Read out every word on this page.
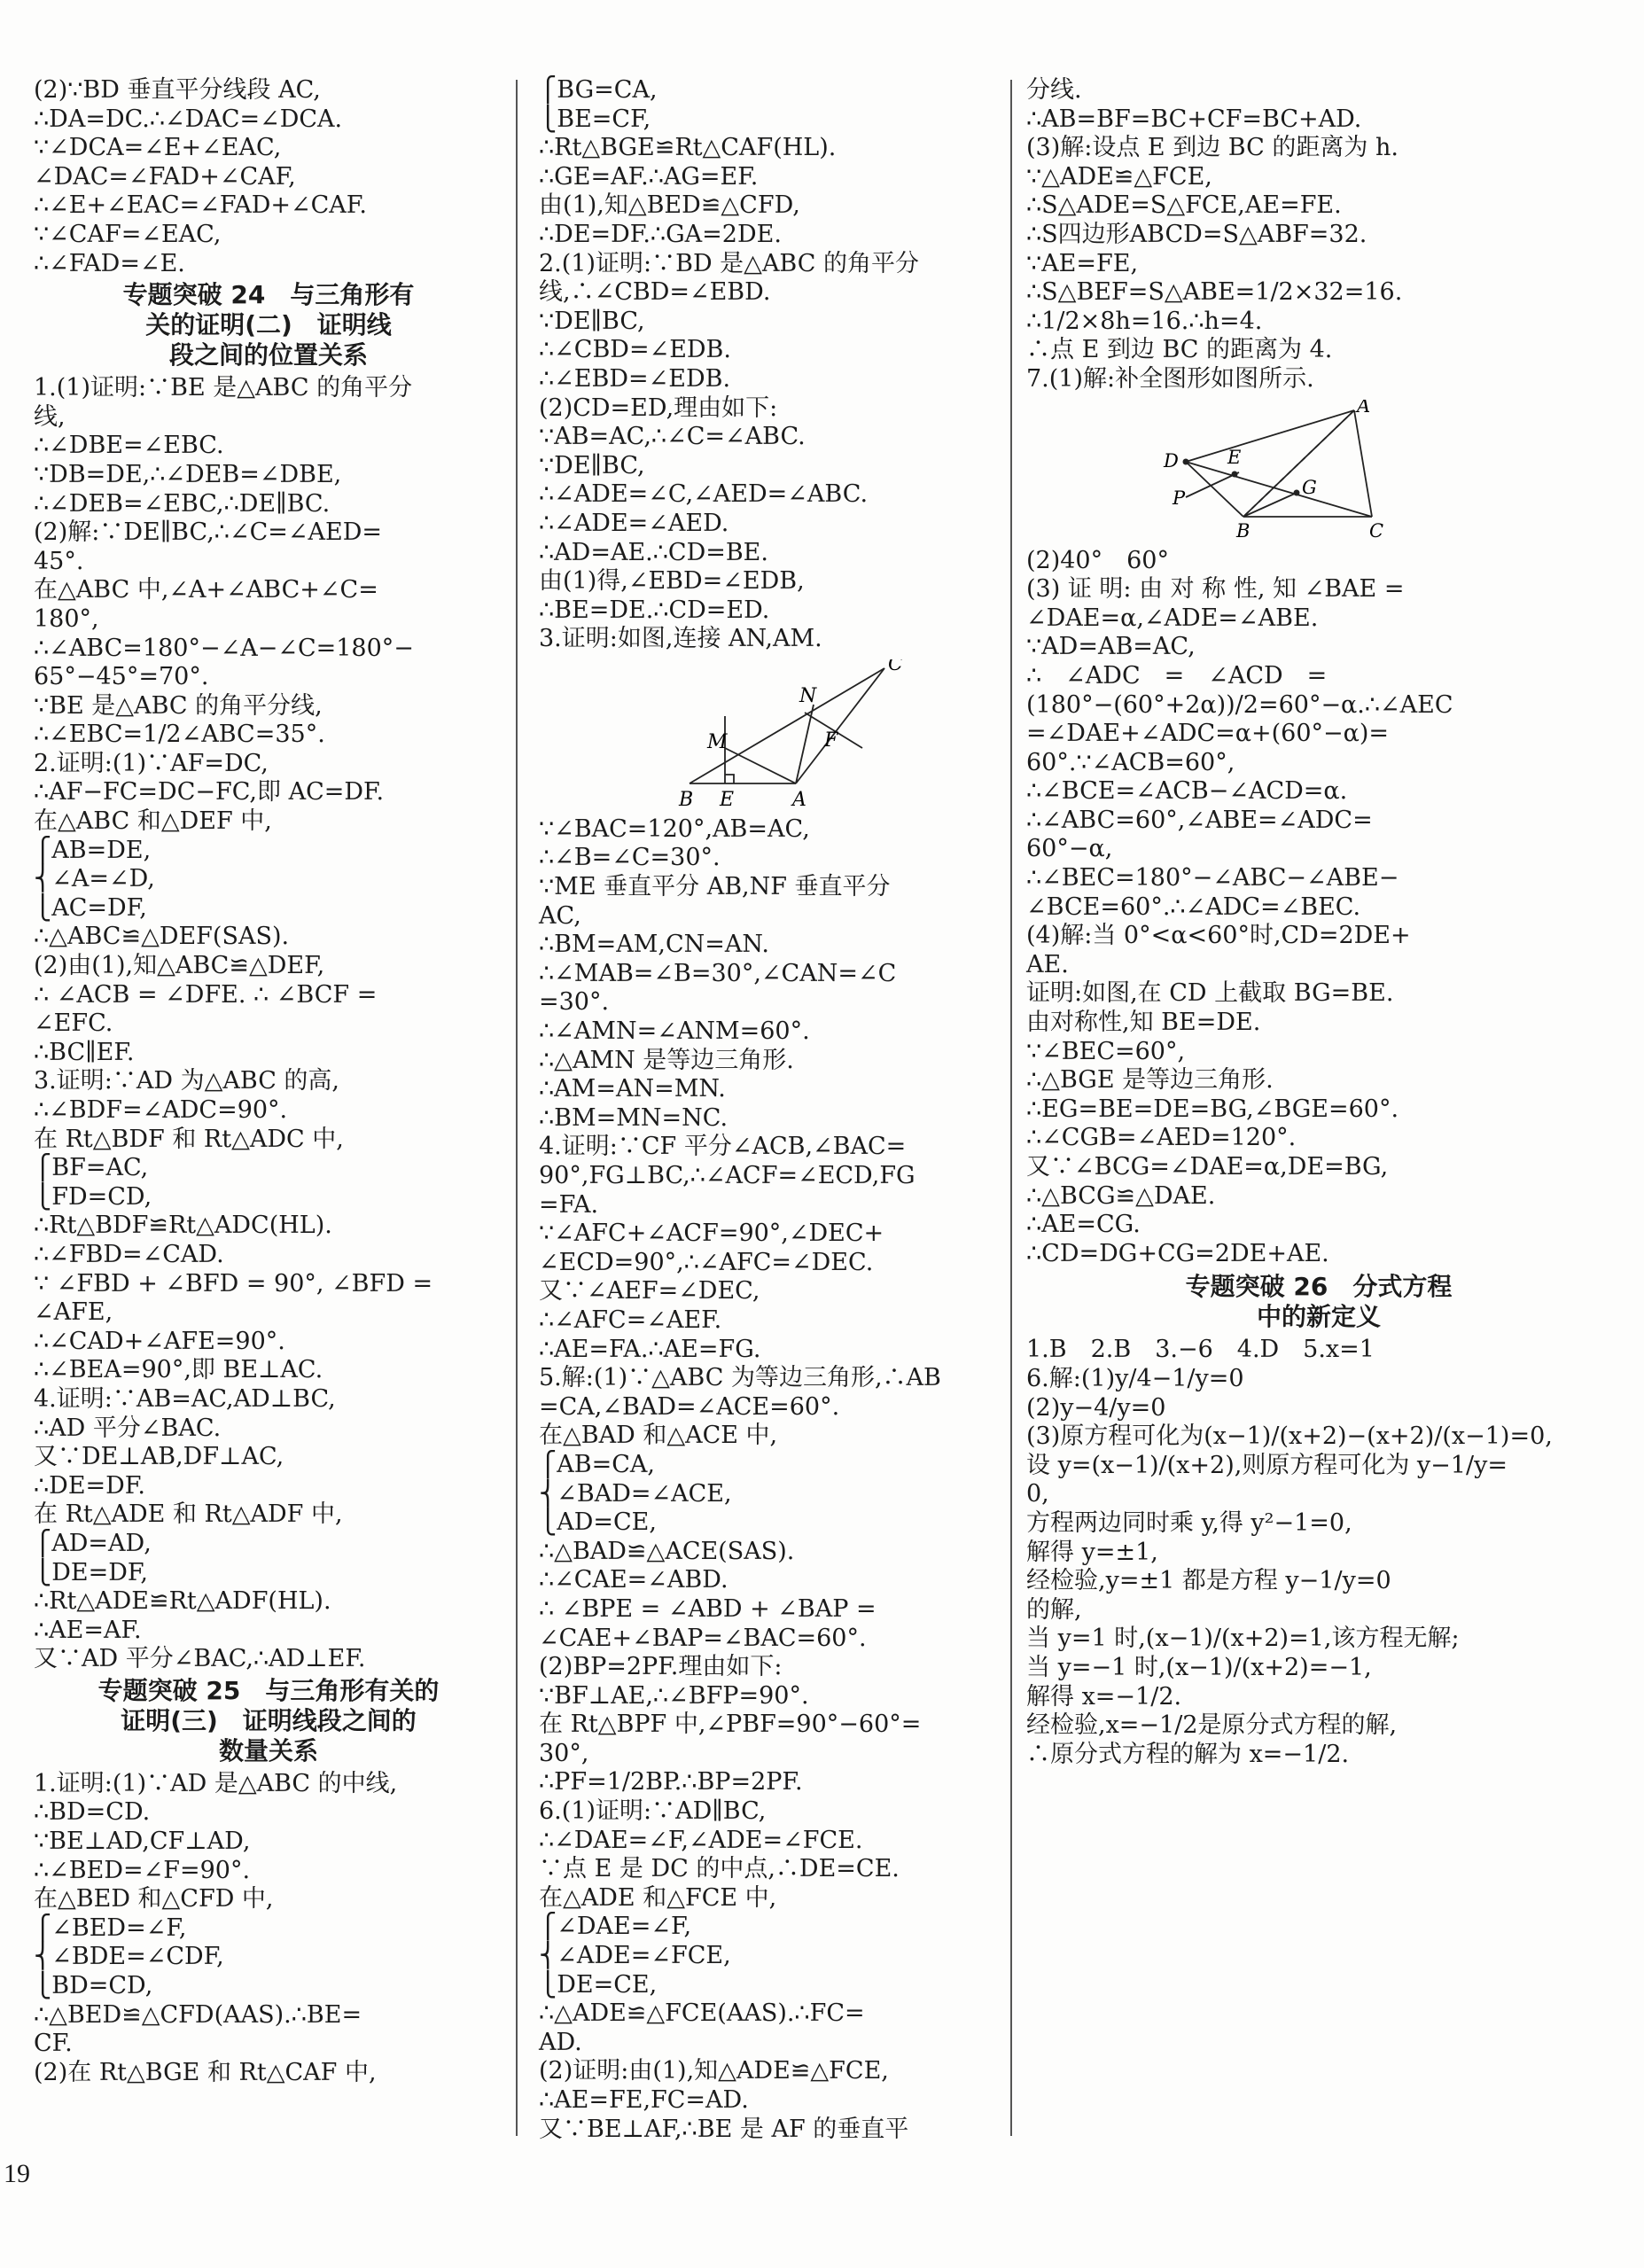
(2)∵BD 垂直平分线段 AC,
∴DA=DC.∴∠DAC=∠DCA.
∵∠DCA=∠E+∠EAC,
∠DAC=∠FAD+∠CAF,
∴∠E+∠EAC=∠FAD+∠CAF.
∵∠CAF=∠EAC,
∴∠FAD=∠E.
专题突破 24　与三角形有
关的证明(二)　证明线
段之间的位置关系
1.(1)证明:∵BE 是△ABC 的角平分
线,
∴∠DBE=∠EBC.
∵DB=DE,∴∠DEB=∠DBE,
∴∠DEB=∠EBC,∴DE∥BC.
(2)解:∵DE∥BC,∴∠C=∠AED=
45°.
在△ABC 中,∠A+∠ABC+∠C=
180°,
∴∠ABC=180°−∠A−∠C=180°−
65°−45°=70°.
∵BE 是△ABC 的角平分线,
∴∠EBC=1/2∠ABC=35°.
2.证明:(1)∵AF=DC,
∴AF−FC=DC−FC,即 AC=DF.
在△ABC 和△DEF 中,
⎧AB=DE,
⎨∠A=∠D,
⎩AC=DF,
∴△ABC≌△DEF(SAS).
(2)由(1),知△ABC≌△DEF,
∴ ∠ACB = ∠DFE. ∴ ∠BCF =
∠EFC.
∴BC∥EF.
3.证明:∵AD 为△ABC 的高,
∴∠BDF=∠ADC=90°.
在 Rt△BDF 和 Rt△ADC 中,
⎧BF=AC,
⎩FD=CD,
∴Rt△BDF≌Rt△ADC(HL).
∴∠FBD=∠CAD.
∵ ∠FBD + ∠BFD = 90°, ∠BFD =
∠AFE,
∴∠CAD+∠AFE=90°.
∴∠BEA=90°,即 BE⊥AC.
4.证明:∵AB=AC,AD⊥BC,
∴AD 平分∠BAC.
又∵DE⊥AB,DF⊥AC,
∴DE=DF.
在 Rt△ADE 和 Rt△ADF 中,
⎧AD=AD,
⎩DE=DF,
∴Rt△ADE≌Rt△ADF(HL).
∴AE=AF.
又∵AD 平分∠BAC,∴AD⊥EF.
专题突破 25　与三角形有关的
证明(三)　证明线段之间的
数量关系
1.证明:(1)∵AD 是△ABC 的中线,
∴BD=CD.
∵BE⊥AD,CF⊥AD,
∴∠BED=∠F=90°.
在△BED 和△CFD 中,
⎧∠BED=∠F,
⎨∠BDE=∠CDF,
⎩BD=CD,
∴△BED≌△CFD(AAS).∴BE=
CF.
(2)在 Rt△BGE 和 Rt△CAF 中,
⎧BG=CA,
⎩BE=CF,
∴Rt△BGE≌Rt△CAF(HL).
∴GE=AF.∴AG=EF.
由(1),知△BED≌△CFD,
∴DE=DF.∴GA=2DE.
2.(1)证明:∵BD 是△ABC 的角平分
线,∴∠CBD=∠EBD.
∵DE∥BC,
∴∠CBD=∠EDB.
∴∠EBD=∠EDB.
(2)CD=ED,理由如下:
∵AB=AC,∴∠C=∠ABC.
∵DE∥BC,
∴∠ADE=∠C,∠AED=∠ABC.
∴∠ADE=∠AED.
∴AD=AE.∴CD=BE.
由(1)得,∠EBD=∠EDB,
∴BE=DE.∴CD=ED.
3.证明:如图,连接 AN,AM.
C
N
M	F
B E	A
∵∠BAC=120°,AB=AC,
∴∠B=∠C=30°.
∵ME 垂直平分 AB,NF 垂直平分
AC,
∴BM=AM,CN=AN.
∴∠MAB=∠B=30°,∠CAN=∠C
=30°.
∴∠AMN=∠ANM=60°.
∴△AMN 是等边三角形.
∴AM=AN=MN.
∴BM=MN=NC.
4.证明:∵CF 平分∠ACB,∠BAC=
90°,FG⊥BC,∴∠ACF=∠ECD,FG
=FA.
∵∠AFC+∠ACF=90°,∠DEC+
∠ECD=90°,∴∠AFC=∠DEC.
又∵∠AEF=∠DEC,
∴∠AFC=∠AEF.
∴AE=FA.∴AE=FG.
5.解:(1)∵△ABC 为等边三角形,∴AB
=CA,∠BAD=∠ACE=60°.
在△BAD 和△ACE 中,
⎧AB=CA,
⎨∠BAD=∠ACE,
⎩AD=CE,
∴△BAD≌△ACE(SAS).
∴∠CAE=∠ABD.
∴ ∠BPE = ∠ABD + ∠BAP =
∠CAE+∠BAP=∠BAC=60°.
(2)BP=2PF.理由如下:
∵BF⊥AE,∴∠BFP=90°.
在 Rt△BPF 中,∠PBF=90°−60°=
30°,
∴PF=1/2BP.∴BP=2PF.
6.(1)证明:∵AD∥BC,
∴∠DAE=∠F,∠ADE=∠FCE.
∵点 E 是 DC 的中点,∴DE=CE.
在△ADE 和△FCE 中,
⎧∠DAE=∠F,
⎨∠ADE=∠FCE,
⎩DE=CE,
∴△ADE≌△FCE(AAS).∴FC=
AD.
(2)证明:由(1),知△ADE≌△FCE,
∴AE=FE,FC=AD.
又∵BE⊥AF,∴BE 是 AF 的垂直平
分线.
∴AB=BF=BC+CF=BC+AD.
(3)解:设点 E 到边 BC 的距离为 h.
∵△ADE≌△FCE,
∴S△ADE=S△FCE,AE=FE.
∴S四边形ABCD=S△ABF=32.
∵AE=FE,
∴S△BEF=S△ABE=1/2×32=16.
∴1/2×8h=16.∴h=4.
∴点 E 到边 BC 的距离为 4.
7.(1)解:补全图形如图所示.
A
D	E
G
P
B	C
(2)40°　60°
(3) 证 明: 由 对 称 性, 知 ∠BAE =
∠DAE=α,∠ADE=∠ABE.
∵AD=AB=AC,
∴　∠ADC　=　∠ACD　=
(180°−(60°+2α))/2=60°−α.∴∠AEC
=∠DAE+∠ADC=α+(60°−α)=
60°.∵∠ACB=60°,
∴∠BCE=∠ACB−∠ACD=α.
∴∠ABC=60°,∠ABE=∠ADC=
60°−α,
∴∠BEC=180°−∠ABC−∠ABE−
∠BCE=60°.∴∠ADC=∠BEC.
(4)解:当 0°<α<60°时,CD=2DE+
AE.
证明:如图,在 CD 上截取 BG=BE.
由对称性,知 BE=DE.
∵∠BEC=60°,
∴△BGE 是等边三角形.
∴EG=BE=DE=BG,∠BGE=60°.
∴∠CGB=∠AED=120°.
又∵∠BCG=∠DAE=α,DE=BG,
∴△BCG≌△DAE.
∴AE=CG.
∴CD=DG+CG=2DE+AE.
专题突破 26　分式方程
中的新定义
1.B　2.B　3.−6　4.D　5.x=1
6.解:(1)y/4−1/y=0
(2)y−4/y=0
(3)原方程可化为(x−1)/(x+2)−(x+2)/(x−1)=0,
设 y=(x−1)/(x+2),则原方程可化为 y−1/y=
0,
方程两边同时乘 y,得 y²−1=0,
解得 y=±1,
经检验,y=±1 都是方程 y−1/y=0
的解,
当 y=1 时,(x−1)/(x+2)=1,该方程无解;
当 y=−1 时,(x−1)/(x+2)=−1,
解得 x=−1/2.
经检验,x=−1/2是原分式方程的解,
∴原分式方程的解为 x=−1/2.
19
